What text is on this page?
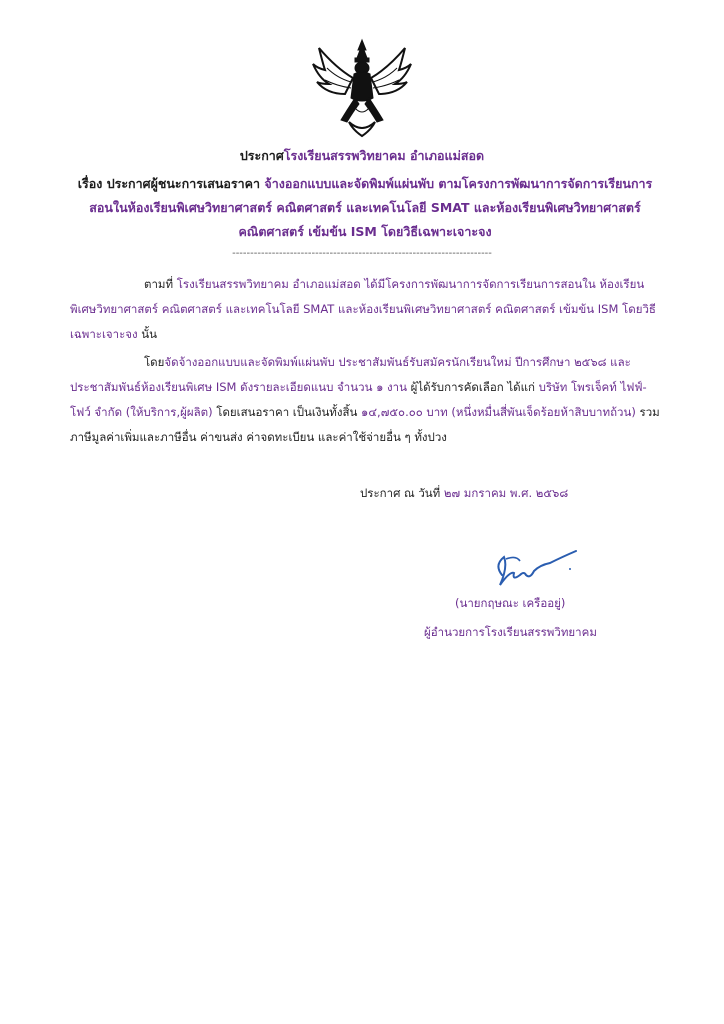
ประกาศโรงเรียนสรรพวิทยาคม อำเภอแม่สอด
เรื่อง ประกาศผู้ชนะการเสนอราคา จ้างออกแบบและจัดพิมพ์แผ่นพับ ตามโครงการพัฒนาการจัดการเรียนการสอนในห้องเรียนพิเศษวิทยาศาสตร์ คณิตศาสตร์ และเทคโนโลยี SMAT และห้องเรียนพิเศษวิทยาศาสตร์ คณิตศาสตร์ เข้มข้น ISM โดยวิธีเฉพาะเจาะจง
------------------------------------------------------------------------
ตามที่ โรงเรียนสรรพวิทยาคม อำเภอแม่สอด ได้มีโครงการพัฒนาการจัดการเรียนการสอนใน ห้องเรียนพิเศษวิทยาศาสตร์ คณิตศาสตร์ และเทคโนโลยี SMAT และห้องเรียนพิเศษวิทยาศาสตร์ คณิตศาสตร์ เข้มข้น ISM โดยวิธีเฉพาะเจาะจง นั้น
โดยจัดจ้างออกแบบและจัดพิมพ์แผ่นพับ ประชาสัมพันธ์รับสมัครนักเรียนใหม่ ปีการศึกษา ๒๕๖๘ และประชาสัมพันธ์ห้องเรียนพิเศษ ISM ดังรายละเอียดแนบ จำนวน ๑ งาน ผู้ได้รับการคัดเลือก ได้แก่ บริษัท โพรเจ็คท์ ไฟฟ์-โฟว์ จำกัด (ให้บริการ,ผู้ผลิต) โดยเสนอราคา เป็นเงินทั้งสิ้น ๑๔,๗๕๐.๐๐ บาท (หนึ่งหมื่นสี่พันเจ็ดร้อยห้าสิบบาทถ้วน) รวมภาษีมูลค่าเพิ่มและภาษีอื่น ค่าขนส่ง ค่าจดทะเบียน และค่าใช้จ่ายอื่น ๆ ทั้งปวง
ประกาศ ณ วันที่ ๒๗ มกราคม พ.ศ. ๒๕๖๘
(นายกฤษณะ เครืออยู่)
ผู้อำนวยการโรงเรียนสรรพวิทยาคม
